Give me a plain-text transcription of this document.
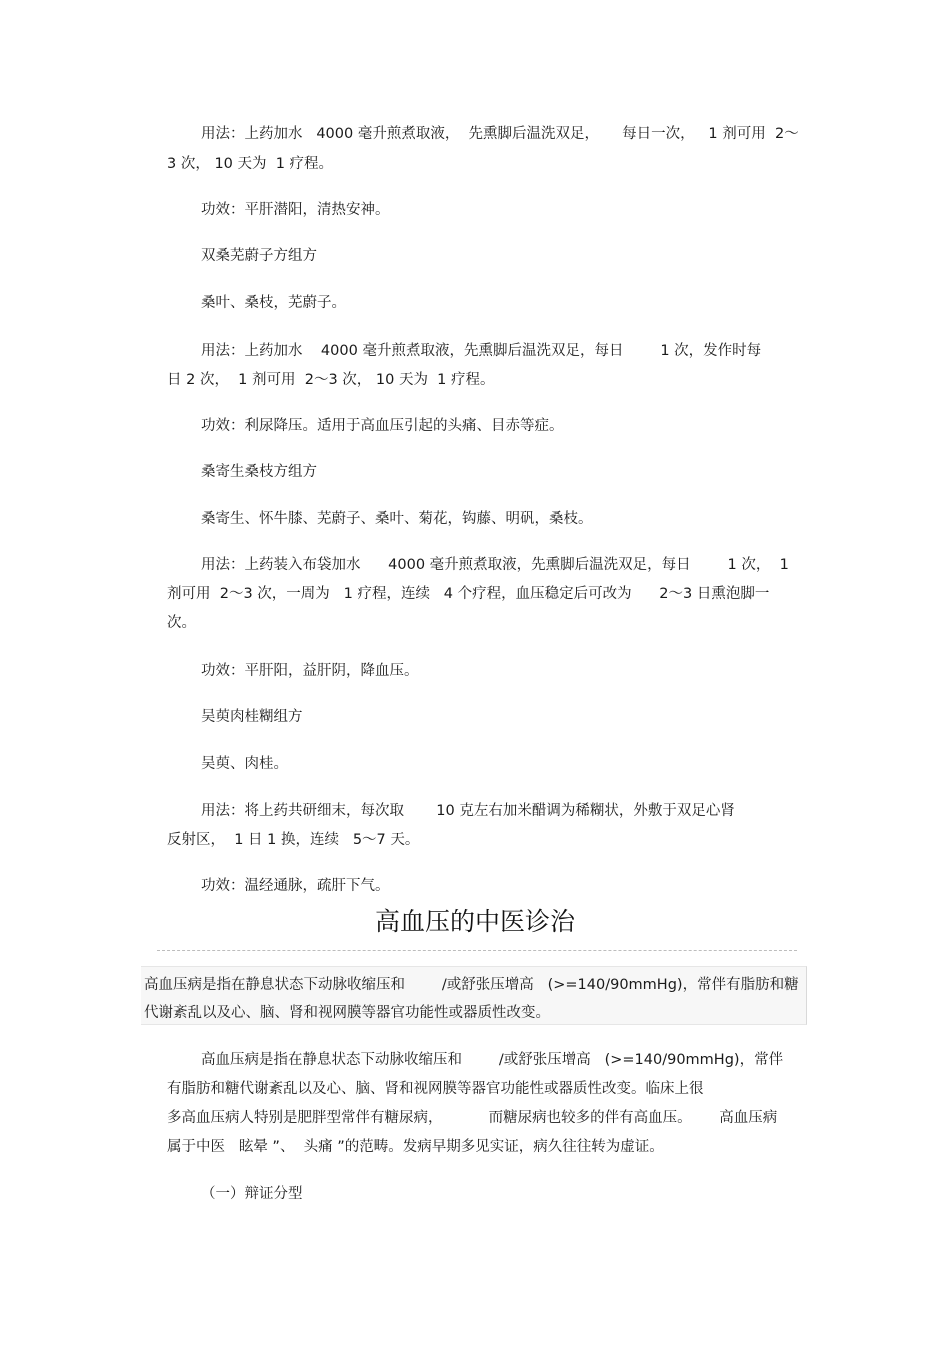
用法：上药加水   4000 毫升煎煮取液，  先熏脚后温洗双足，     每日一次，   1 剂可用  2～
3 次， 10 天为  1 疗程。
功效：平肝潜阳，清热安神。
双桑芜蔚子方组方
桑叶、桑枝，芜蔚子。
用法：上药加水    4000 毫升煎煮取液，先熏脚后温洗双足，每日        1 次，发作时每
日 2 次，  1 剂可用  2～3 次， 10 天为  1 疗程。
功效：利尿降压。适用于高血压引起的头痛、目赤等症。
桑寄生桑枝方组方
桑寄生、怀牛膝、芜蔚子、桑叶、菊花，钩藤、明矾，桑枝。
用法：上药装入布袋加水      4000 毫升煎煮取液，先熏脚后温洗双足，每日        1 次，  1
剂可用  2～3 次，一周为   1 疗程，连续   4 个疗程，血压稳定后可改为      2～3 日熏泡脚一
次。
功效：平肝阳，益肝阴，降血压。
吴萸肉桂糊组方
吴萸、肉桂。
用法：将上药共研细末，每次取       10 克左右加米醋调为稀糊状，外敷于双足心肾
反射区，  1 日 1 换，连续   5～7 天。
功效：温经通脉，疏肝下气。
高血压的中医诊治
高血压病是指在静息状态下动脉收缩压和        /或舒张压增高   (>=140/90mmHg)，常伴有脂肪和糖
代谢紊乱以及心、脑、肾和视网膜等器官功能性或器质性改变。
高血压病是指在静息状态下动脉收缩压和        /或舒张压增高   (>=140/90mmHg)，常伴
有脂肪和糖代谢紊乱以及心、脑、肾和视网膜等器官功能性或器质性改变。临床上很
多高血压病人特别是肥胖型常伴有糖尿病，          而糖尿病也较多的伴有高血压。      高血压病
属于中医   眩晕 ”、  头痛 ”的范畴。发病早期多见实证，病久往往转为虚证。
（一）辩证分型
